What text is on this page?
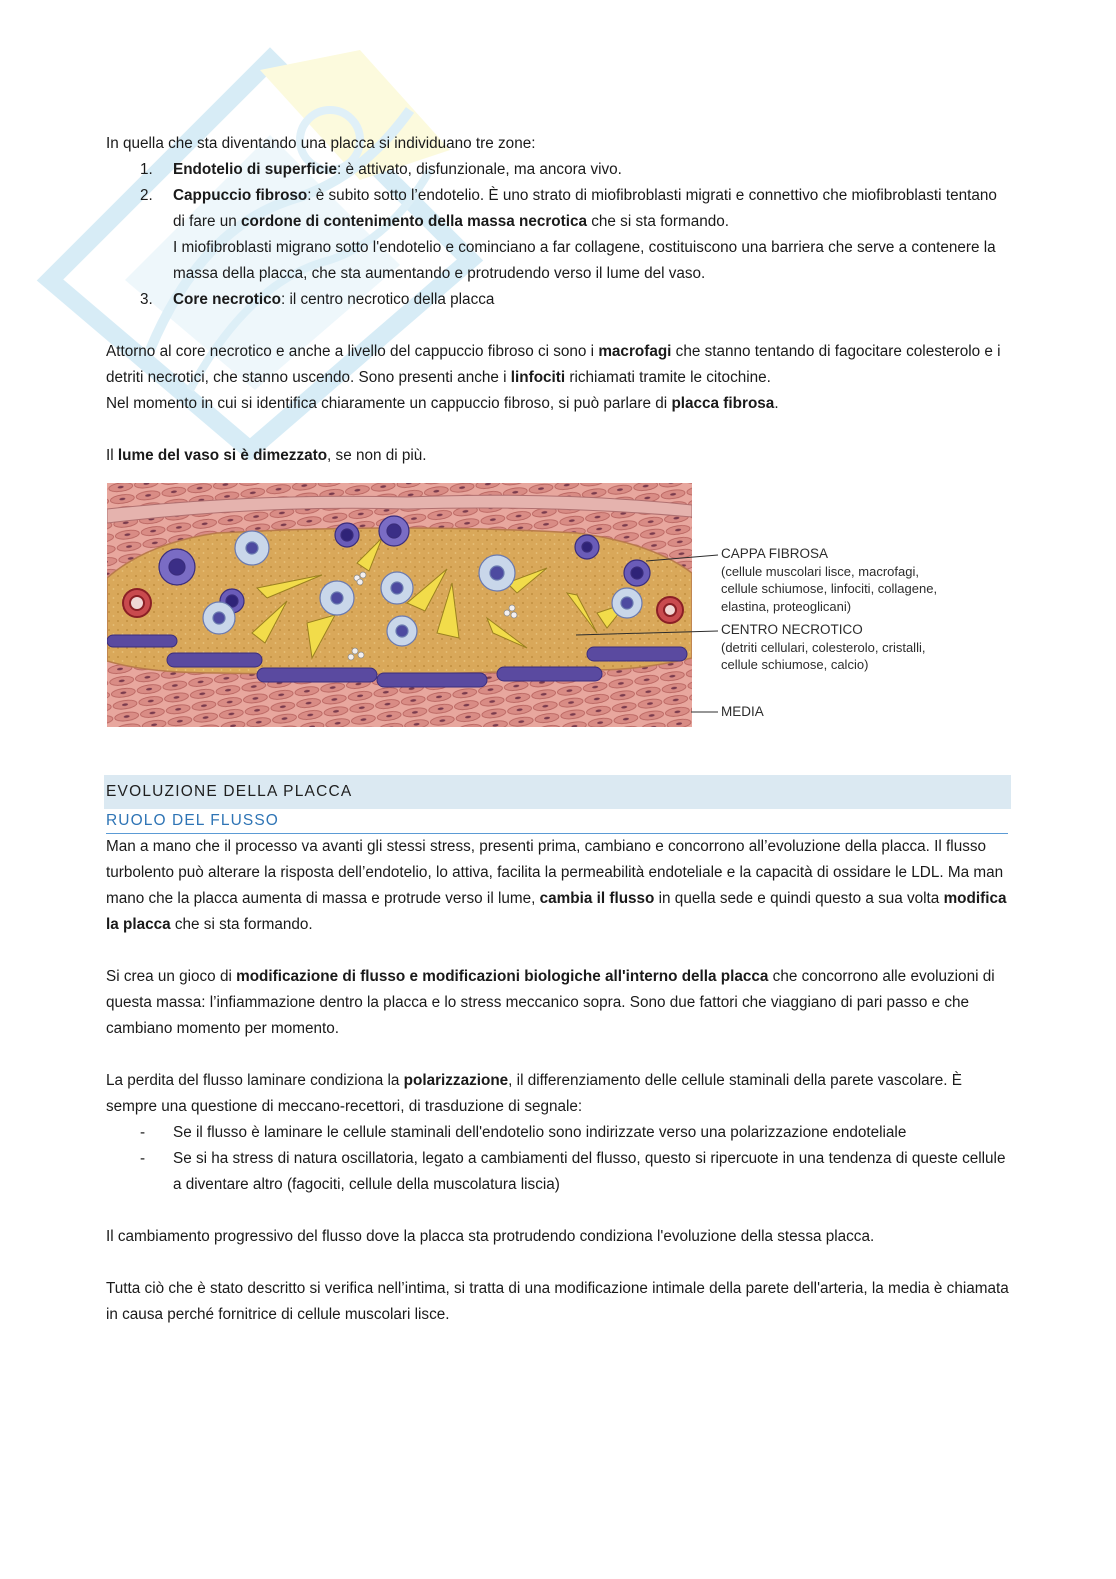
In quella che sta diventando una placca si individuano tre zone:

1.	Endotelio di superficie: è attivato, disfunzionale, ma ancora vivo.
2.	Cappuccio fibroso: è subito sotto l’endotelio. È uno strato di miofibroblasti migrati e connettivo che miofibroblasti tentano di fare un cordone di contenimento della massa necrotica che si sta formando.
I miofibroblasti migrano sotto l'endotelio e cominciano a far collagene, costituiscono una barriera che serve a contenere la massa della placca, che sta aumentando e protrudendo verso il lume del vaso.
3.	Core necrotico: il centro necrotico della placca

Attorno al core necrotico e anche a livello del cappuccio fibroso ci sono i macrofagi che stanno tentando di fagocitare colesterolo e i detriti necrotici, che stanno uscendo. Sono presenti anche i linfociti richiamati tramite le citochine.

Nel momento in cui si identifica chiaramente un cappuccio fibroso, si può parlare di placca fibrosa.

Il lume del vaso si è dimezzato, se non di più.

CAPPA FIBROSA
(cellule muscolari lisce, macrofagi,
cellule schiumose, linfociti, collagene,
elastina, proteoglicani)
CENTRO NECROTICO
(detriti cellulari, colesterolo, cristalli,
cellule schiumose, calcio)
MEDIA
EVOLUZIONE DELLA PLACCA
RUOLO DEL FLUSSO

Man a mano che il processo va avanti gli stessi stress, presenti prima, cambiano e concorrono all’evoluzione della placca. Il flusso turbolento può alterare la risposta dell’endotelio, lo attiva, facilita la permeabilità endoteliale e la capacità di ossidare le LDL. Ma man mano che la placca aumenta di massa e protrude verso il lume, cambia il flusso in quella sede e quindi questo a sua volta modifica la placca che si sta formando.

Si crea un gioco di modificazione di flusso e modificazioni biologiche all'interno della placca che concorrono alle evoluzioni di questa massa: l’infiammazione dentro la placca e lo stress meccanico sopra. Sono due fattori che viaggiano di pari passo e che cambiano momento per momento.

La perdita del flusso laminare condiziona la polarizzazione, il differenziamento delle cellule staminali della parete vascolare. È sempre una questione di meccano-recettori, di trasduzione di segnale:

-	Se il flusso è laminare le cellule staminali dell'endotelio sono indirizzate verso una polarizzazione endoteliale
-	Se si ha stress di natura oscillatoria, legato a cambiamenti del flusso, questo si ripercuote in una tendenza di queste cellule a diventare altro (fagociti, cellule della muscolatura liscia)

Il cambiamento progressivo del flusso dove la placca sta protrudendo condiziona l'evoluzione della stessa placca.

Tutta ciò che è stato descritto si verifica nell’intima, si tratta di una modificazione intimale della parete dell'arteria, la media è chiamata in causa perché fornitrice di cellule muscolari lisce.
